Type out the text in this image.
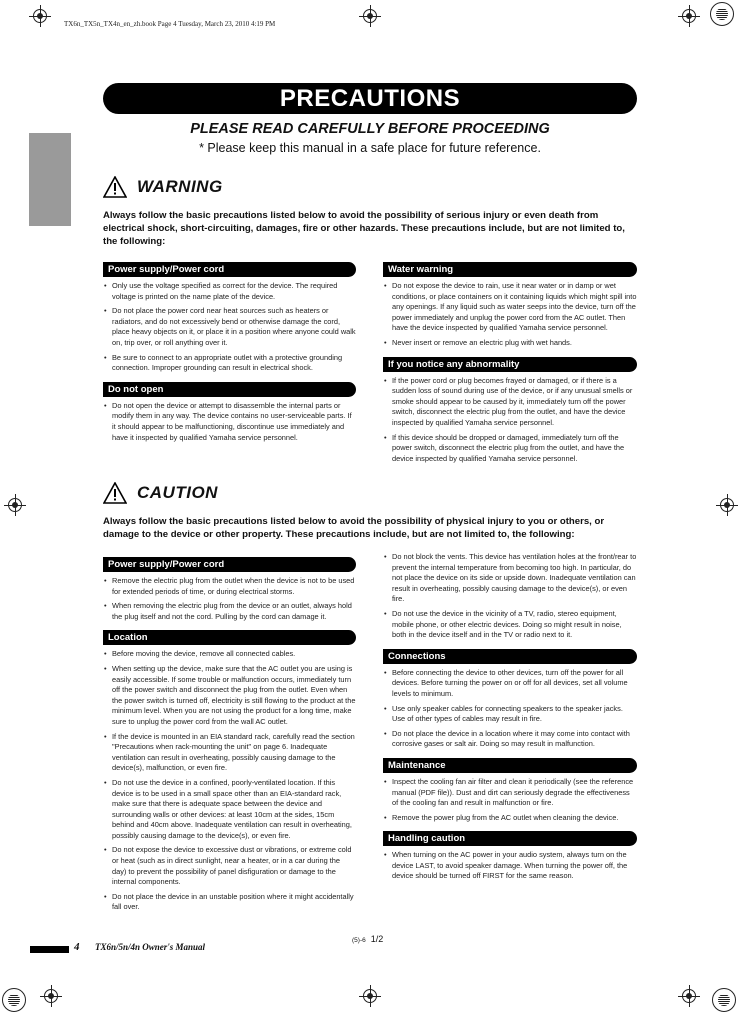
TX6n_TX5n_TX4n_en_zh.book Page 4 Tuesday, March 23, 2010 4:19 PM
PRECAUTIONS
PLEASE READ CAREFULLY BEFORE PROCEEDING
* Please keep this manual in a safe place for future reference.
WARNING
Always follow the basic precautions listed below to avoid the possibility of serious injury or even death from electrical shock, short-circuiting, damages, fire or other hazards. These precautions include, but are not limited to, the following:
Power supply/Power cord
• Only use the voltage specified as correct for the device. The required voltage is printed on the name plate of the device.
• Do not place the power cord near heat sources such as heaters or radiators, and do not excessively bend or otherwise damage the cord, place heavy objects on it, or place it in a position where anyone could walk on, trip over, or roll anything over it.
• Be sure to connect to an appropriate outlet with a protective grounding connection. Improper grounding can result in electrical shock.
Do not open
• Do not open the device or attempt to disassemble the internal parts or modify them in any way. The device contains no user-serviceable parts. If it should appear to be malfunctioning, discontinue use immediately and have it inspected by qualified Yamaha service personnel.
Water warning
• Do not expose the device to rain, use it near water or in damp or wet conditions, or place containers on it containing liquids which might spill into any openings. If any liquid such as water seeps into the device, turn off the power immediately and unplug the power cord from the AC outlet. Then have the device inspected by qualified Yamaha service personnel.
• Never insert or remove an electric plug with wet hands.
If you notice any abnormality
• If the power cord or plug becomes frayed or damaged, or if there is a sudden loss of sound during use of the device, or if any unusual smells or smoke should appear to be caused by it, immediately turn off the power switch, disconnect the electric plug from the outlet, and have the device inspected by qualified Yamaha service personnel.
• If this device should be dropped or damaged, immediately turn off the power switch, disconnect the electric plug from the outlet, and have the device inspected by qualified Yamaha service personnel.
CAUTION
Always follow the basic precautions listed below to avoid the possibility of physical injury to you or others, or damage to the device or other property. These precautions include, but are not limited to, the following:
Power supply/Power cord
• Remove the electric plug from the outlet when the device is not to be used for extended periods of time, or during electrical storms.
• When removing the electric plug from the device or an outlet, always hold the plug itself and not the cord. Pulling by the cord can damage it.
Location
• Before moving the device, remove all connected cables.
• When setting up the device, make sure that the AC outlet you are using is easily accessible. If some trouble or malfunction occurs, immediately turn off the power switch and disconnect the plug from the outlet. Even when the power switch is turned off, electricity is still flowing to the product at the minimum level. When you are not using the product for a long time, make sure to unplug the power cord from the wall AC outlet.
• If the device is mounted in an EIA standard rack, carefully read the section "Precautions when rack-mounting the unit" on page 6. Inadequate ventilation can result in overheating, possibly causing damage to the device(s), malfunction, or even fire.
• Do not use the device in a confined, poorly-ventilated location. If this device is to be used in a small space other than an EIA-standard rack, make sure that there is adequate space between the device and surrounding walls or other devices: at least 10cm at the sides, 15cm behind and 40cm above. Inadequate ventilation can result in overheating, possibly causing damage to the device(s), or even fire.
• Do not expose the device to excessive dust or vibrations, or extreme cold or heat (such as in direct sunlight, near a heater, or in a car during the day) to prevent the possibility of panel disfiguration or damage to the internal components.
• Do not place the device in an unstable position where it might accidentally fall over.
• Do not block the vents. This device has ventilation holes at the front/rear to prevent the internal temperature from becoming too high. In particular, do not place the device on its side or upside down. Inadequate ventilation can result in overheating, possibly causing damage to the device(s), or even fire.
• Do not use the device in the vicinity of a TV, radio, stereo equipment, mobile phone, or other electric devices. Doing so might result in noise, both in the device itself and in the TV or radio next to it.
Connections
• Before connecting the device to other devices, turn off the power for all devices. Before turning the power on or off for all devices, set all volume levels to minimum.
• Use only speaker cables for connecting speakers to the speaker jacks. Use of other types of cables may result in fire.
• Do not place the device in a location where it may come into contact with corrosive gases or salt air. Doing so may result in malfunction.
Maintenance
• Inspect the cooling fan air filter and clean it periodically (see the reference manual (PDF file)). Dust and dirt can seriously degrade the effectiveness of the cooling fan and result in malfunction or fire.
• Remove the power plug from the AC outlet when cleaning the device.
Handling caution
• When turning on the AC power in your audio system, always turn on the device LAST, to avoid speaker damage. When turning the power off, the device should be turned off FIRST for the same reason.
4 TX6n/5n/4n Owner's Manual
(5)-6 1/2
